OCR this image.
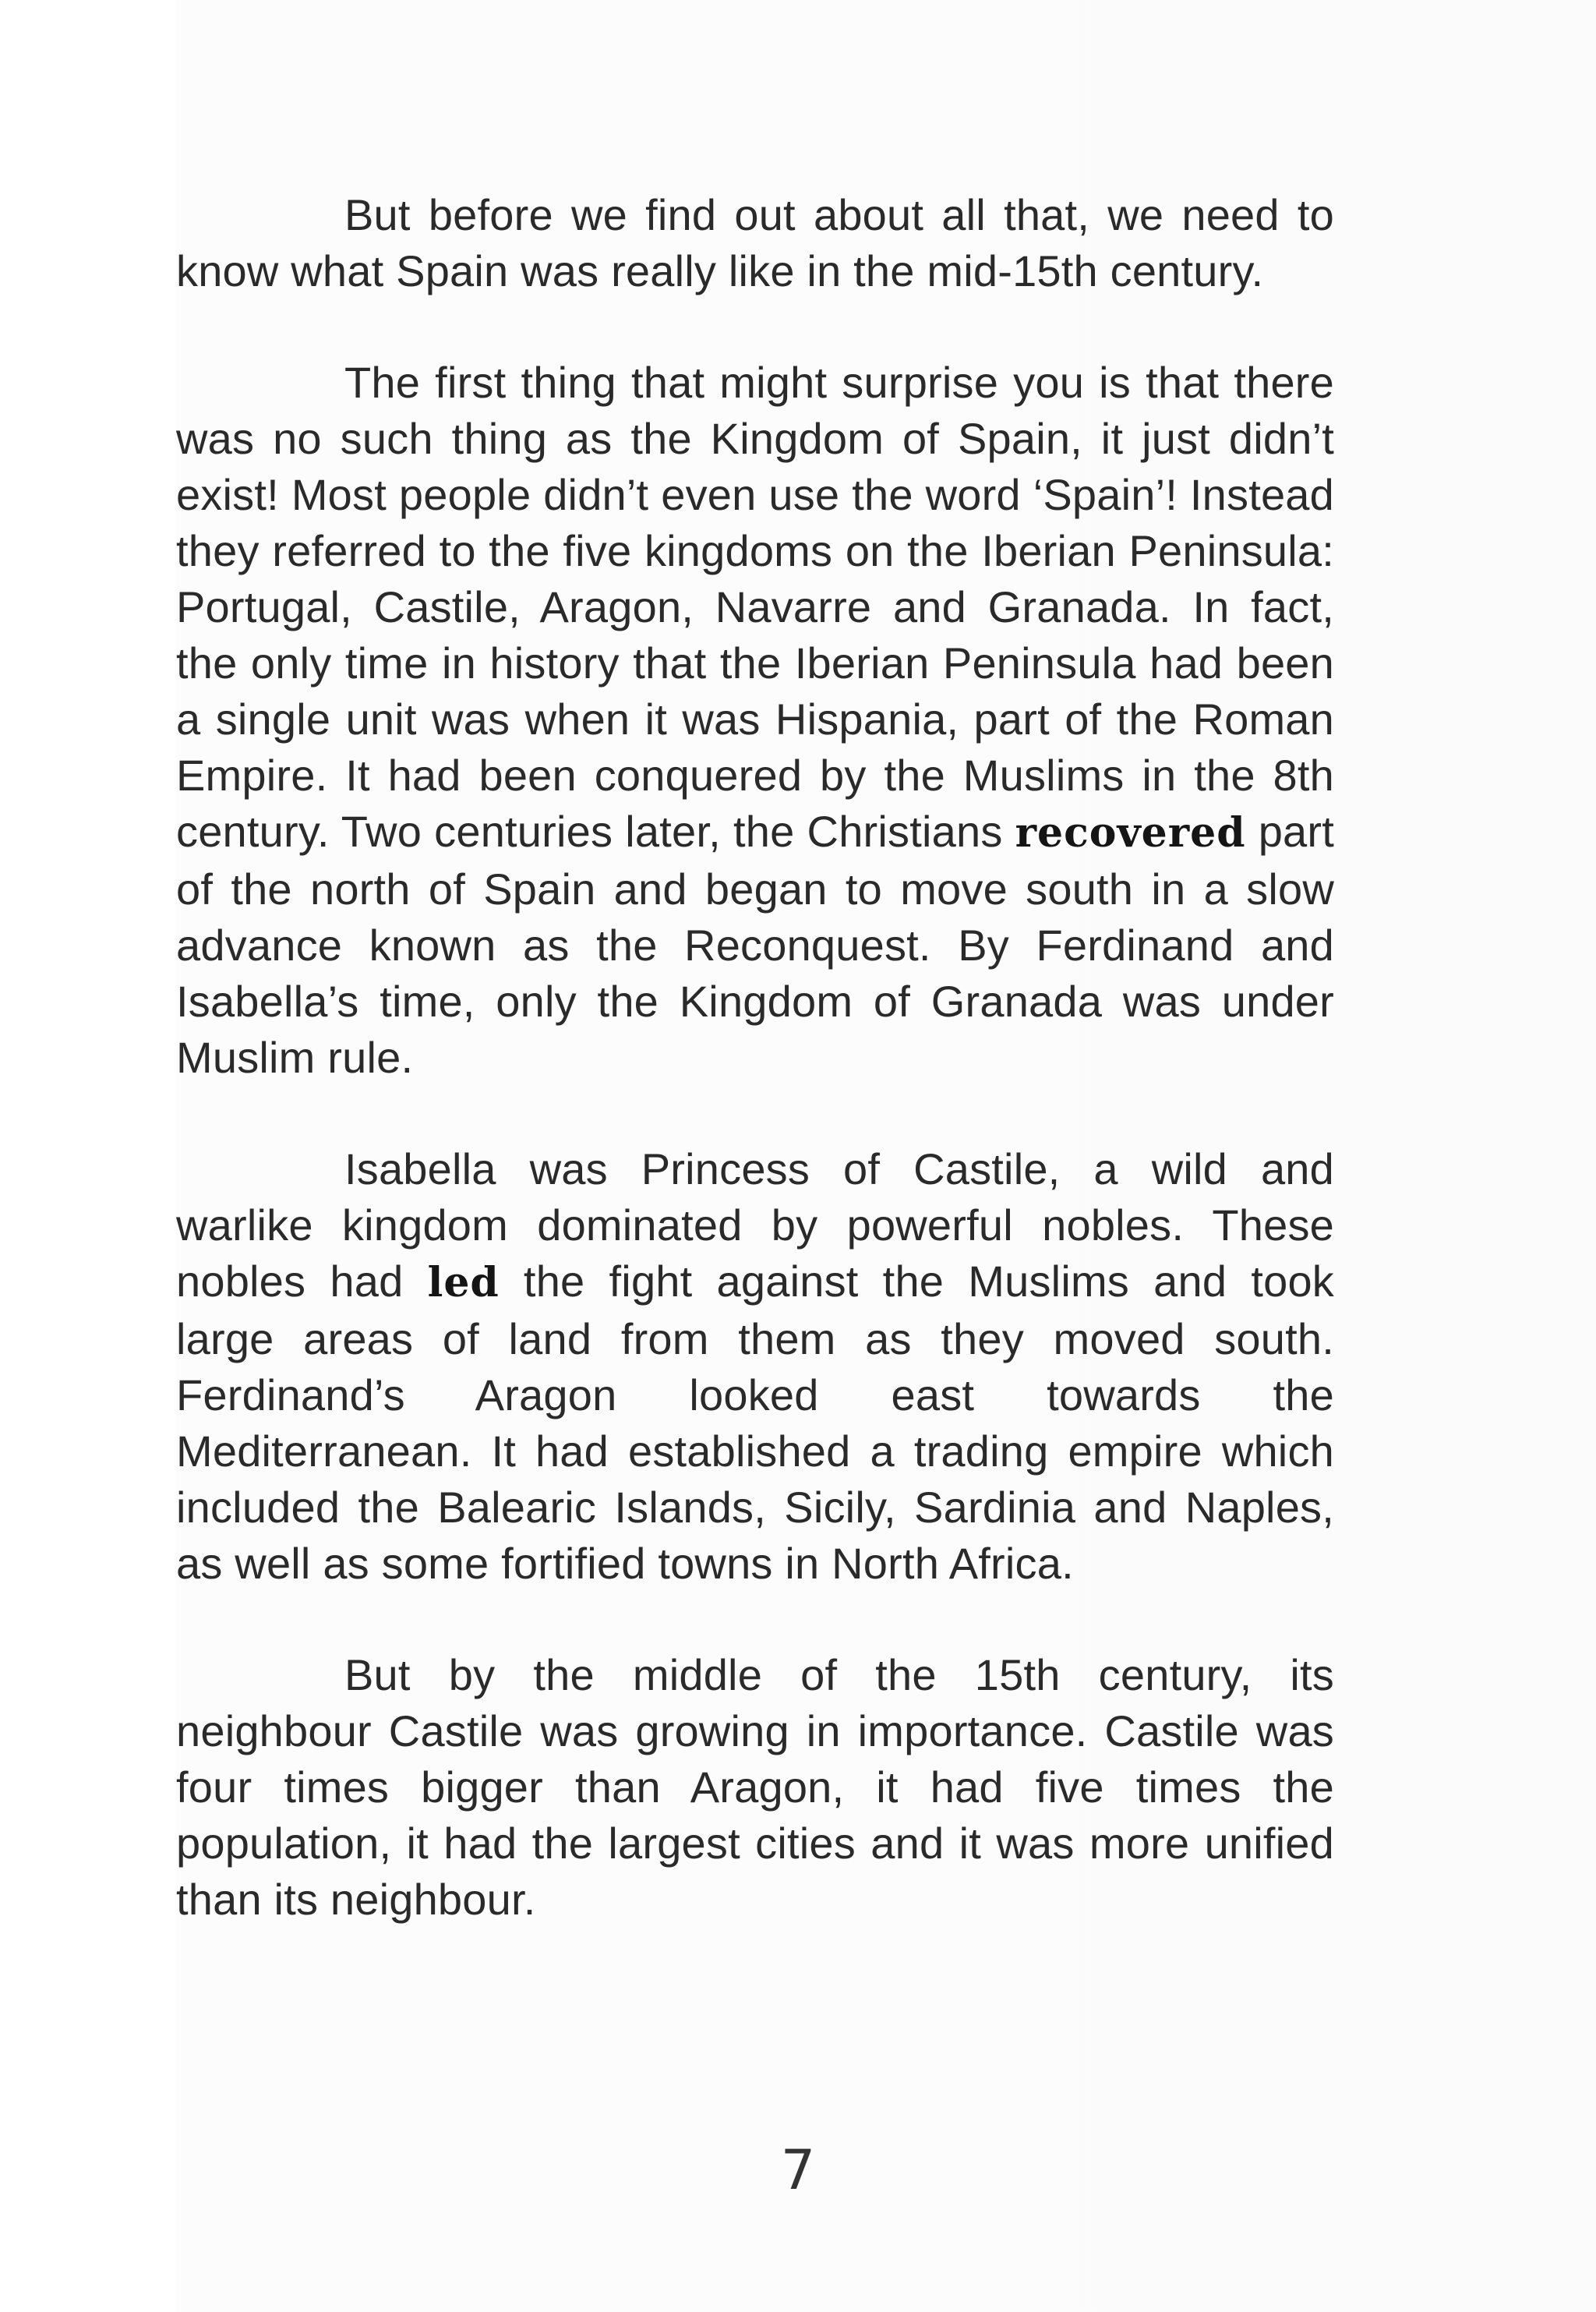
But before we find out about all that, we need to know what Spain was really like in the mid-15th century.

The first thing that might surprise you is that there was no such thing as the Kingdom of Spain, it just didn’t exist! Most people didn’t even use the word ‘Spain’! Instead they referred to the five kingdoms on the Iberian Peninsula: Portugal, Castile, Aragon, Navarre and Granada. In fact, the only time in history that the Iberian Peninsula had been a single unit was when it was Hispania, part of the Roman Empire. It had been conquered by the Muslims in the 8th century. Two centuries later, the Christians recovered part of the north of Spain and began to move south in a slow advance known as the Reconquest. By Ferdinand and Isabella’s time, only the Kingdom of Granada was under Muslim rule.

Isabella was Princess of Castile, a wild and warlike kingdom dominated by powerful nobles. These nobles had led the fight against the Muslims and took large areas of land from them as they moved south. Ferdinand’s Aragon looked east towards the Mediterranean. It had established a trading empire which included the Balearic Islands, Sicily, Sardinia and Naples, as well as some fortified towns in North Africa.

But by the middle of the 15th century, its neighbour Castile was growing in importance. Castile was four times bigger than Aragon, it had five times the population, it had the largest cities and it was more unified than its neighbour.

7
